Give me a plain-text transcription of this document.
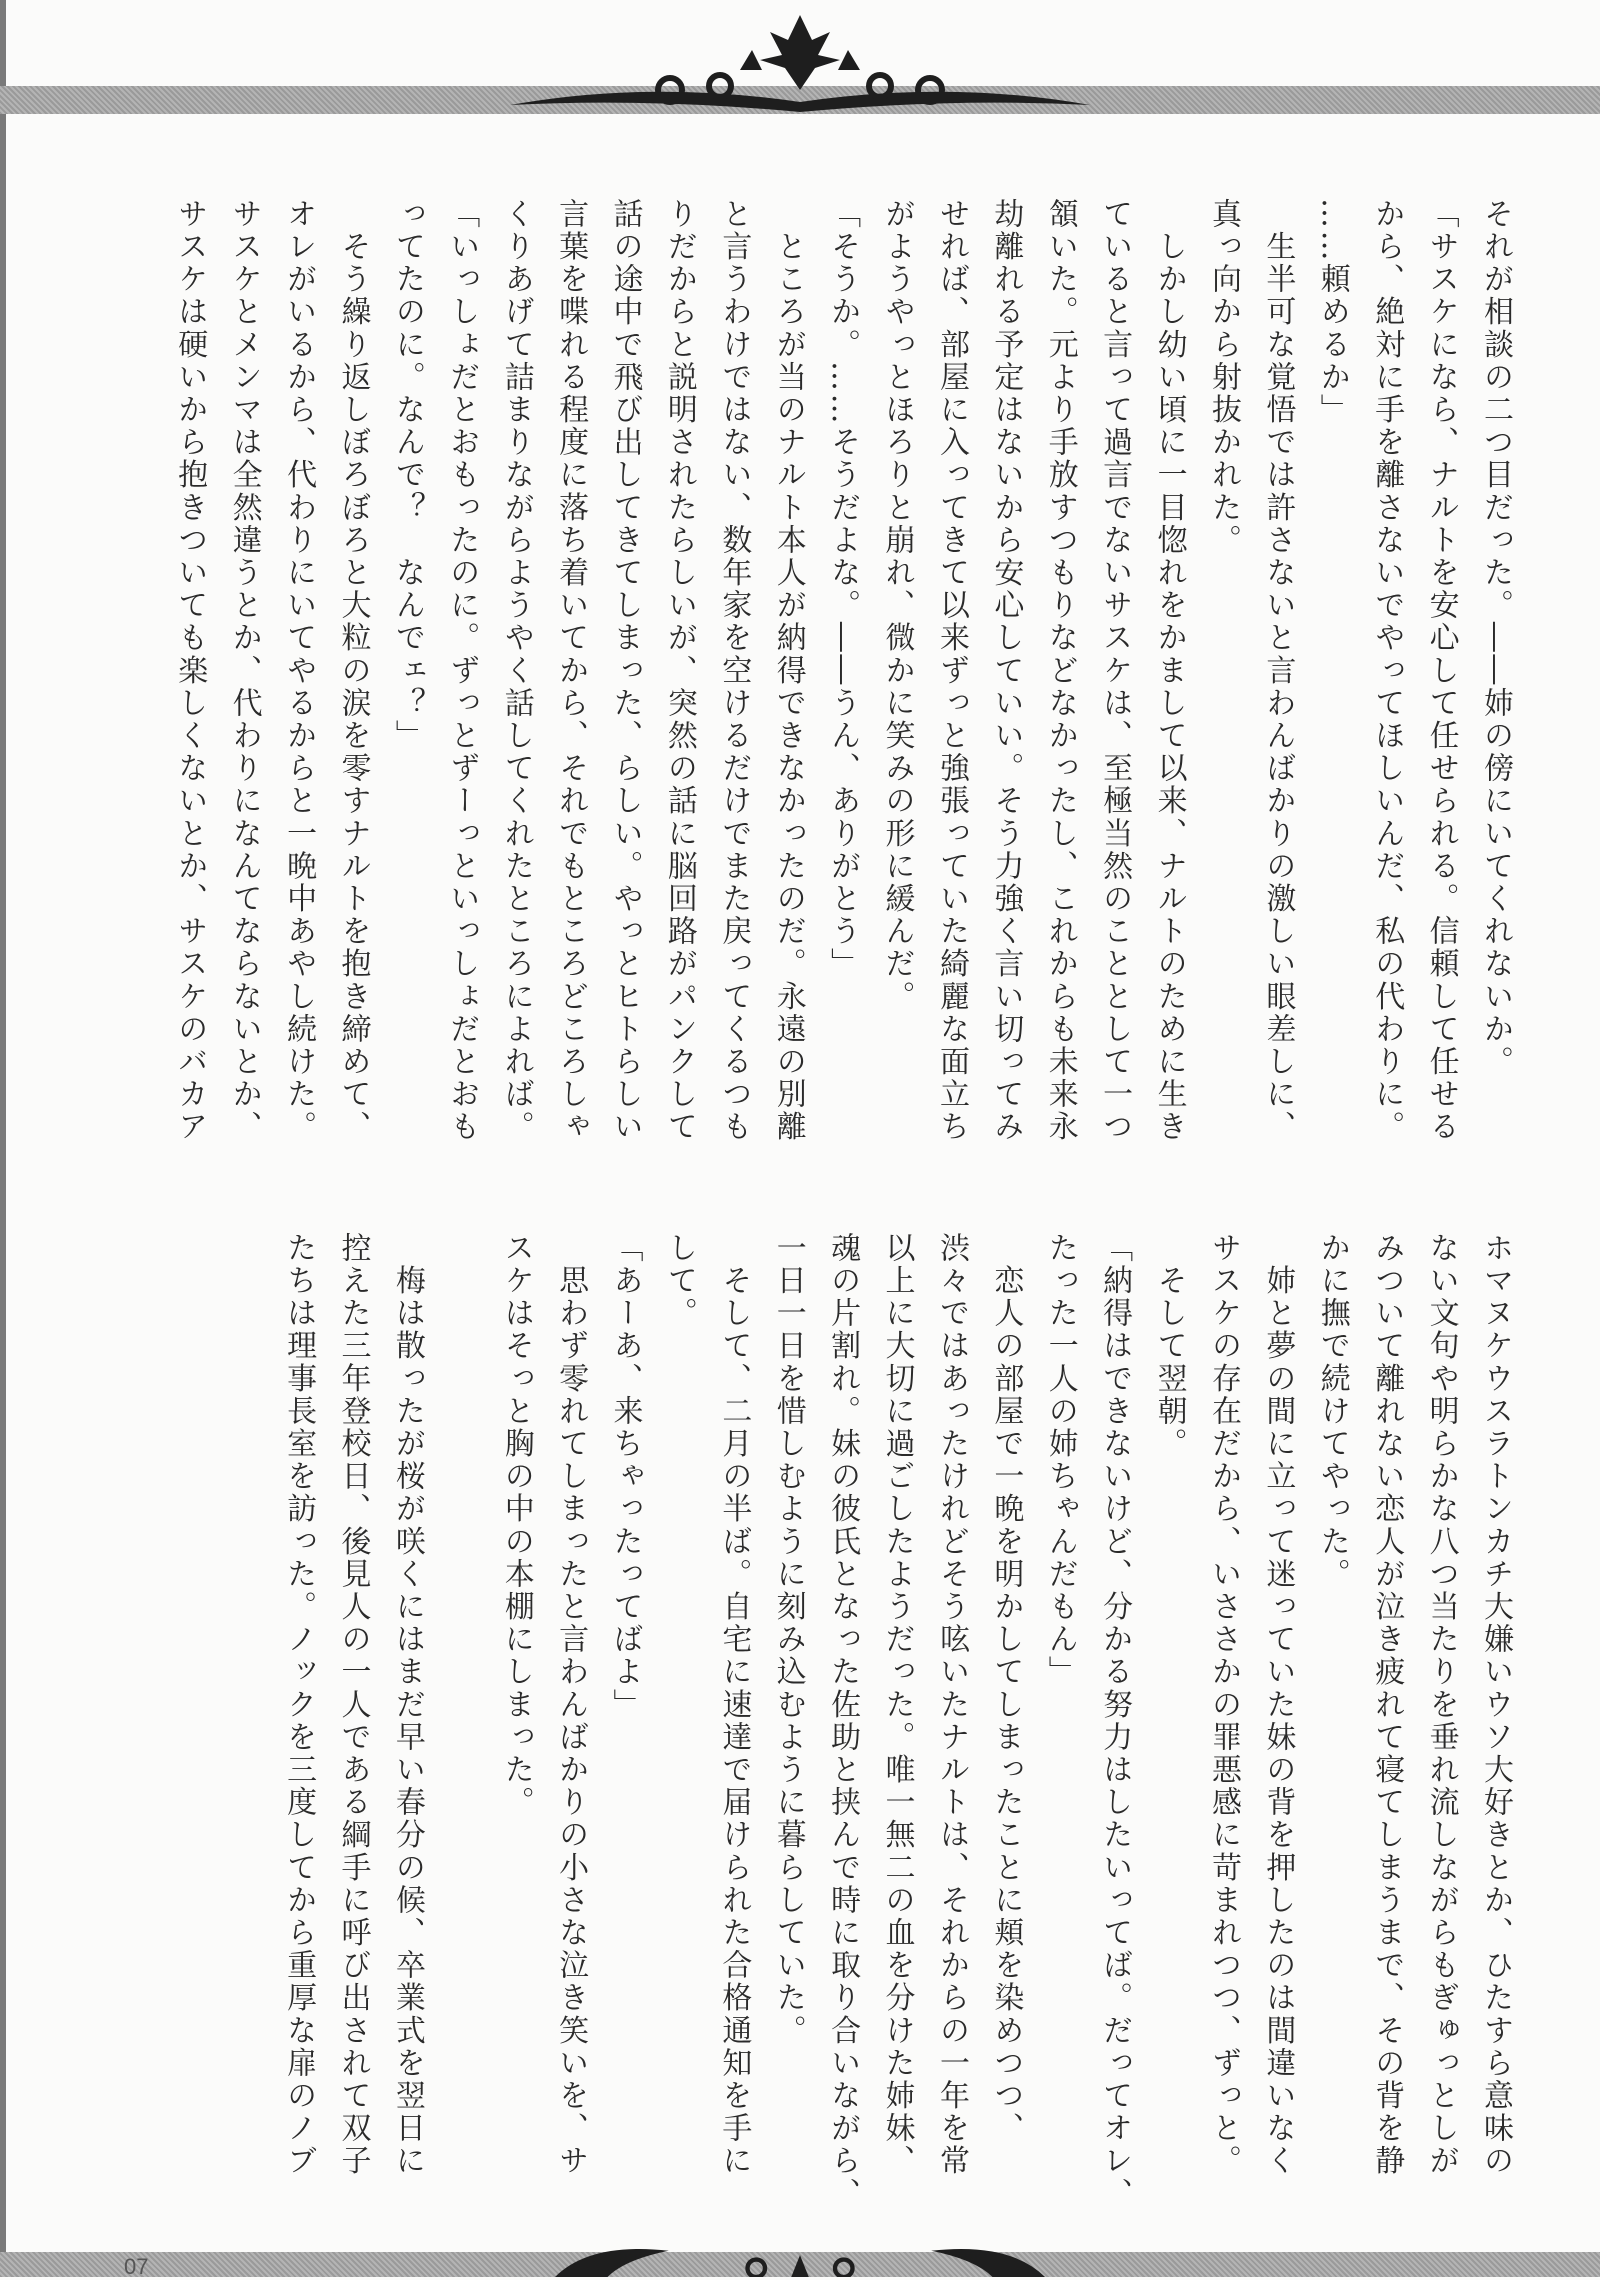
それが相談の二つ目だった。――姉の傍にいてくれないか。
「サスケになら、ナルトを安心して任せられる。信頼して任せる
から、絶対に手を離さないでやってほしいんだ、私の代わりに。
……頼めるか」
　生半可な覚悟では許さないと言わんばかりの激しい眼差しに、
真っ向から射抜かれた。
　しかし幼い頃に一目惚れをかまして以来、ナルトのために生き
ていると言って過言でないサスケは、至極当然のこととして一つ
頷いた。元より手放すつもりなどなかったし、これからも未来永
劫離れる予定はないから安心していい。そう力強く言い切ってみ
せれば、部屋に入ってきて以来ずっと強張っていた綺麗な面立ち
がようやっとほろりと崩れ、微かに笑みの形に緩んだ。
「そうか。……そうだよな。――うん、ありがとう」
　ところが当のナルト本人が納得できなかったのだ。永遠の別離
と言うわけではない、数年家を空けるだけでまた戻ってくるつも
りだからと説明されたらしいが、突然の話に脳回路がパンクして
話の途中で飛び出してきてしまった、らしい。やっとヒトらしい
言葉を喋れる程度に落ち着いてから、それでもところどころしゃ
くりあげて詰まりながらようやく話してくれたところによれば。
「いっしょだとおもったのに。ずっとずーっといっしょだとおも
ってたのに。なんで？　なんでェ？」
　そう繰り返しぼろぼろと大粒の涙を零すナルトを抱き締めて、
オレがいるから、代わりにいてやるからと一晩中あやし続けた。
サスケとメンマは全然違うとか、代わりになんてならないとか、
サスケは硬いから抱きついても楽しくないとか、サスケのバカア
ホマヌケウスラトンカチ大嫌いウソ大好きとか、ひたすら意味の
ない文句や明らかな八つ当たりを垂れ流しながらもぎゅっとしが
みついて離れない恋人が泣き疲れて寝てしまうまで、その背を静
かに撫で続けてやった。
　姉と夢の間に立って迷っていた妹の背を押したのは間違いなく
サスケの存在だから、いささかの罪悪感に苛まれつつ、ずっと。
　そして翌朝。
「納得はできないけど、分かる努力はしたいってば。だってオレ、
たった一人の姉ちゃんだもん」
　恋人の部屋で一晩を明かしてしまったことに頬を染めつつ、
渋々ではあったけれどそう呟いたナルトは、それからの一年を常
以上に大切に過ごしたようだった。唯一無二の血を分けた姉妹、
魂の片割れ。妹の彼氏となった佐助と挟んで時に取り合いながら、
一日一日を惜しむように刻み込むように暮らしていた。
　そして、二月の半ば。自宅に速達で届けられた合格通知を手に
して。
「あーあ、来ちゃったってばよ」
　思わず零れてしまったと言わんばかりの小さな泣き笑いを、サ
スケはそっと胸の中の本棚にしまった。

　梅は散ったが桜が咲くにはまだ早い春分の候、卒業式を翌日に
控えた三年登校日、後見人の一人である綱手に呼び出されて双子
たちは理事長室を訪った。ノックを三度してから重厚な扉のノブ
07
